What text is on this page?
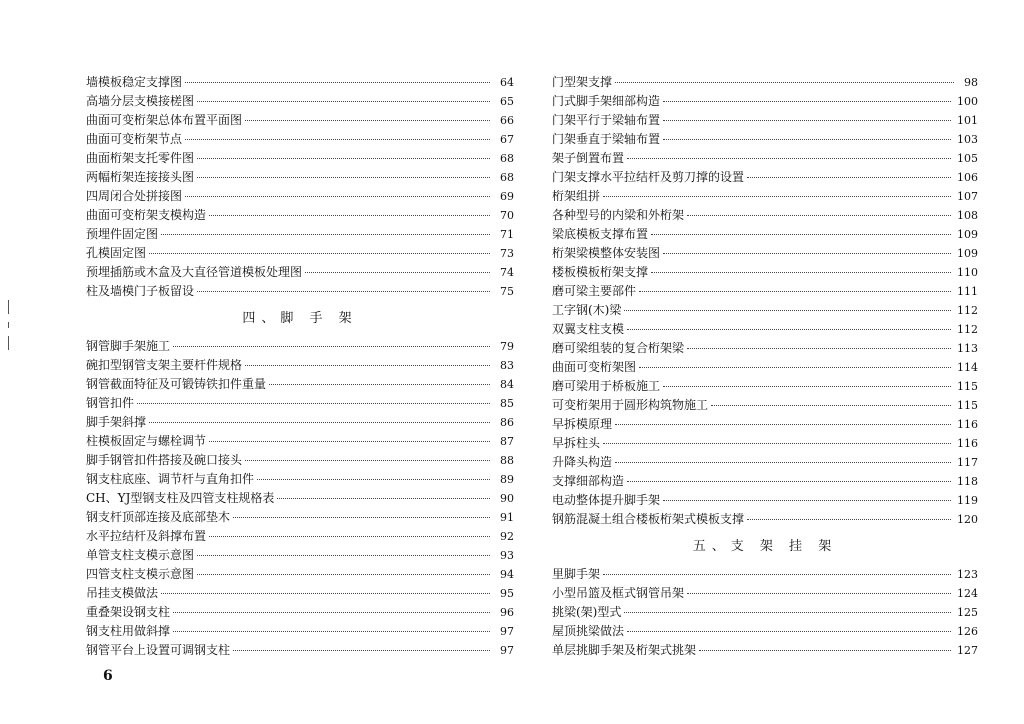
墙模板稳定支撑图	64
高墙分层支模接槎图	65
曲面可变桁架总体布置平面图	66
曲面可变桁架节点	67
曲面桁架支托零件图	68
两幅桁架连接接头图	68
四周闭合处拼接图	69
曲面可变桁架支模构造	70
预埋件固定图	71
孔模固定图	73
预埋插筋或木盒及大直径管道模板处理图	74
柱及墙模门子板留设	75
四、脚 手 架
钢管脚手架施工	79
碗扣型钢管支架主要杆件规格	83
钢管截面特征及可锻铸铁扣件重量	84
钢管扣件	85
脚手架斜撑	86
柱模板固定与螺栓调节	87
脚手钢管扣件搭接及碗口接头	88
钢支柱底座、调节杆与直角扣件	89
CH、YJ型钢支柱及四管支柱规格表	90
钢支杆顶部连接及底部垫木	91
水平拉结杆及斜撑布置	92
单管支柱支模示意图	93
四管支柱支模示意图	94
吊挂支模做法	95
重叠架设钢支柱	96
钢支柱用做斜撑	97
钢管平台上设置可调钢支柱	97
门型架支撑	98
门式脚手架细部构造	100
门架平行于梁轴布置	101
门架垂直于梁轴布置	103
架子倒置布置	105
门架支撑水平拉结杆及剪刀撑的设置	106
桁架组拼	107
各种型号的内梁和外桁架	108
梁底模板支撑布置	109
桁架梁模整体安装图	109
楼板模板桁架支撑	110
磨可梁主要部件	111
工字钢(木)梁	112
双翼支柱支模	112
磨可梁组装的复合桁架梁	113
曲面可变桁架图	114
磨可梁用于桥板施工	115
可变桁架用于圆形构筑物施工	115
早拆模原理	116
早拆柱头	116
升降头构造	117
支撑细部构造	118
电动整体提升脚手架	119
钢筋混凝土组合楼板桁架式模板支撑	120
五、支 架 挂 架
里脚手架	123
小型吊篮及框式钢管吊架	124
挑梁(架)型式	125
屋顶挑梁做法	126
单层挑脚手架及桁架式挑架	127
6
